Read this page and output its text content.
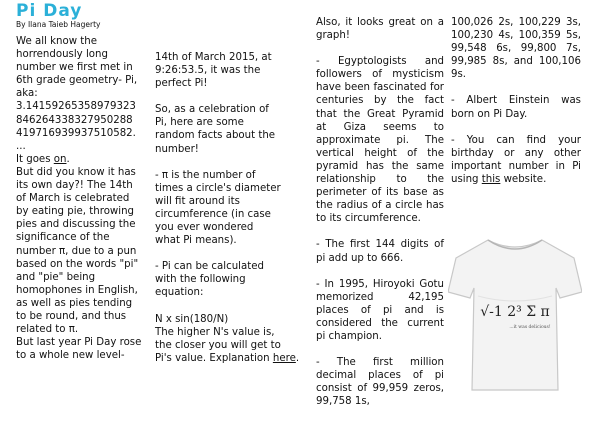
Pi Day
By Ilana Taieb Hagerty

We all know the
horrendously long
number we first met in
6th grade geometry- Pi,
aka:
3.14159265358979323
846264338327950288
419716939937510582.
...

It goes on.

But did you know it has
its own day?! The 14th
of March is celebrated
by eating pie, throwing
pies and discussing the
significance of the
number π, due to a pun
based on the words "pi"
and "pie" being
homophones in English,
as well as pies tending
to be round, and thus
related to π.
But last year Pi Day rose
to a whole new level-

14th of March 2015, at
9:26:53.5, it was the
perfect Pi!

So, as a celebration of
Pi, here are some
random facts about the
number!

- π is the number of
times a circle's diameter
will fit around its
circumference (in case
you ever wondered
what Pi means).

- Pi can be calculated
with the following
equation:

N x sin(180/N)
The higher N's value is,
the closer you will get to
Pi's value. Explanation here.

Also, it looks great on a graph!

- Egyptologists and followers of mysticism have been fascinated for centuries by the fact that the Great Pyramid at Giza seems to approximate pi. The vertical height of the pyramid has the same relationship to the perimeter of its base as the radius of a circle has to its circumference.

- The first 144 digits of pi add up to 666.

- In 1995, Hiroyoki Gotu memorized 42,195 places of pi and is considered the current pi champion.

- The first million decimal places of pi consist of 99,959 zeros, 99,758 1s,

100,026 2s, 100,229 3s, 100,230 4s, 100,359 5s, 99,548 6s, 99,800 7s, 99,985 8s, and 100,106 9s.

- Albert Einstein was born on Pi Day.

- You can find your birthday or any other important number in Pi using this website.

√-1 2³ Σ π
...it was delicious!
